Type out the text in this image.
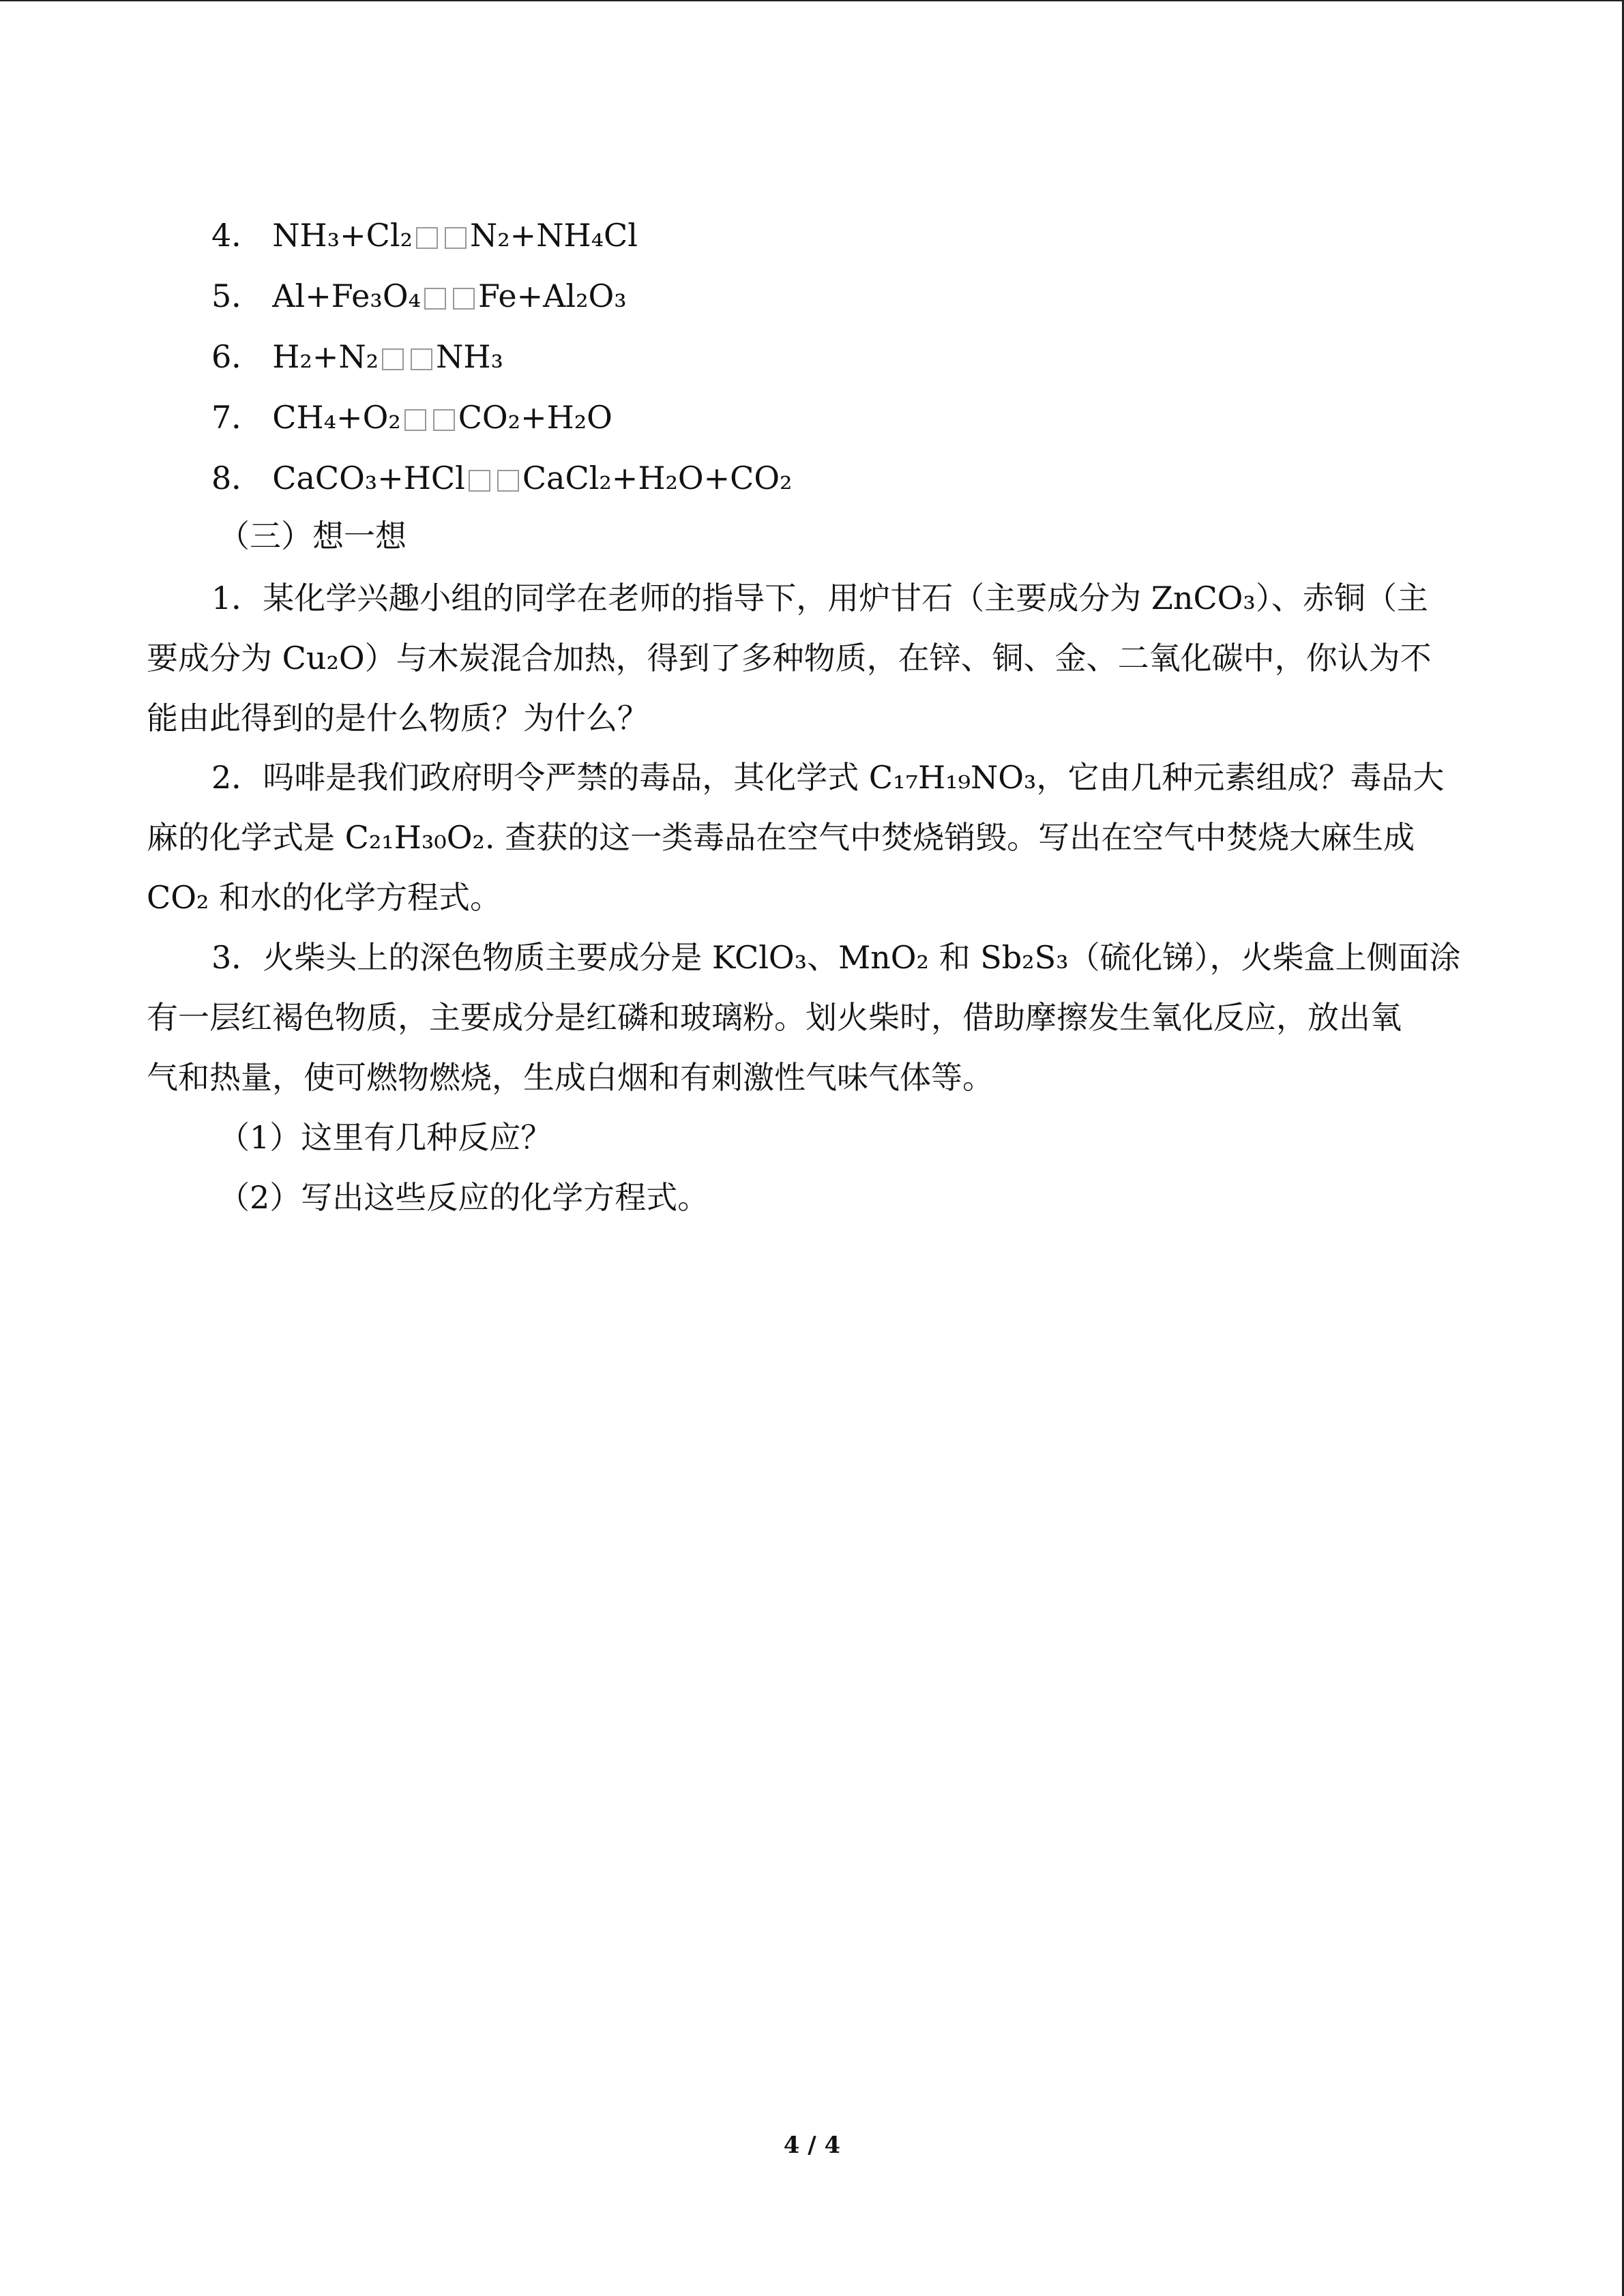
4． NH₃+Cl₂ N₂+NH₄Cl
5． Al+Fe₃O₄ Fe+Al₂O₃
6． H₂+N₂ NH₃
7． CH₄+O₂ CO₂+H₂O
8． CaCO₃+HCl CaCl₂+H₂O+CO₂
（三）想一想
1．某化学兴趣小组的同学在老师的指导下，用炉甘石（主要成分为 ZnCO₃）、赤铜（主
要成分为 Cu₂O）与木炭混合加热，得到了多种物质，在锌、铜、金、二氧化碳中，你认为不
能由此得到的是什么物质？为什么？
2．吗啡是我们政府明令严禁的毒品，其化学式 C₁₇H₁₉NO₃，它由几种元素组成？毒品大
麻的化学式是 C₂₁H₃₀O₂. 查获的这一类毒品在空气中焚烧销毁。写出在空气中焚烧大麻生成
CO₂ 和水的化学方程式。
3．火柴头上的深色物质主要成分是 KClO₃、MnO₂ 和 Sb₂S₃（硫化锑），火柴盒上侧面涂
有一层红褐色物质，主要成分是红磷和玻璃粉。划火柴时，借助摩擦发生氧化反应，放出氧
气和热量，使可燃物燃烧，生成白烟和有刺激性气味气体等。
（1）这里有几种反应？
（2）写出这些反应的化学方程式。
4 / 4
